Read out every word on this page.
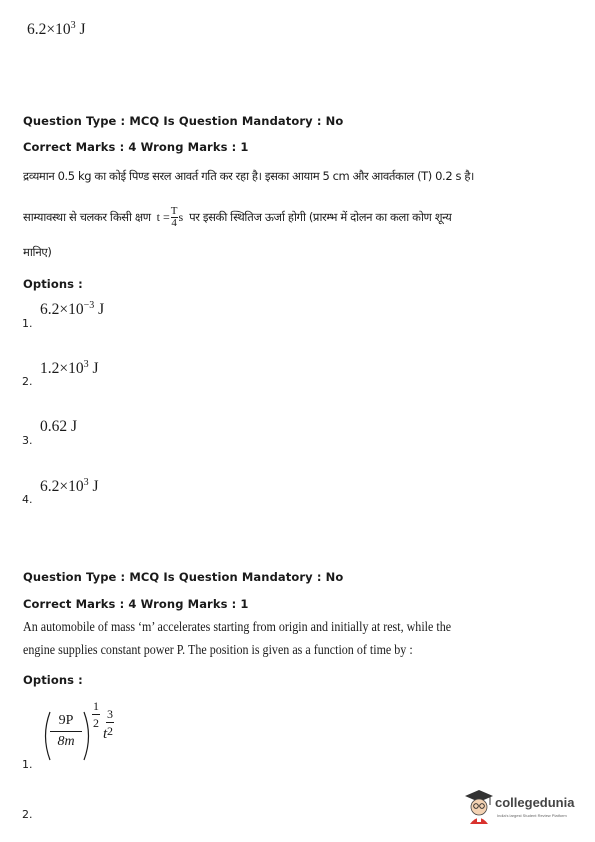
$6.2\times 10^3$ J
Question Type : MCQ Is Question Mandatory : No
Correct Marks : 4 Wrong Marks : 1
द्रव्यमान 0.5 kg का कोई पिण्ड सरल आवर्त गति कर रहा है। इसका आयाम 5 cm और आवर्तकाल (T) 0.2 s है।
साम्यावस्था से चलकर किसी क्षण $t = \frac{T}{4}$ s पर इसकी स्थितिज ऊर्जा होगी (प्रारम्भ में दोलन का कला कोण शून्य
मानिए)
Options :
1.
$6.2\times 10^{-3}$ J
2.
$1.2\times 10^3$ J
3.
0.62 J
4.
$6.2\times 10^3$ J
Question Type : MCQ Is Question Mandatory : No
Correct Marks : 4 Wrong Marks : 1
An automobile of mass ‘m’ accelerates starting from origin and initially at rest, while the
engine supplies constant power P. The position is given as a function of time by :
Options :
1.
9P
8m
1
2
t
3
2
2.
collegedunia
India's largest Student Review Platform
